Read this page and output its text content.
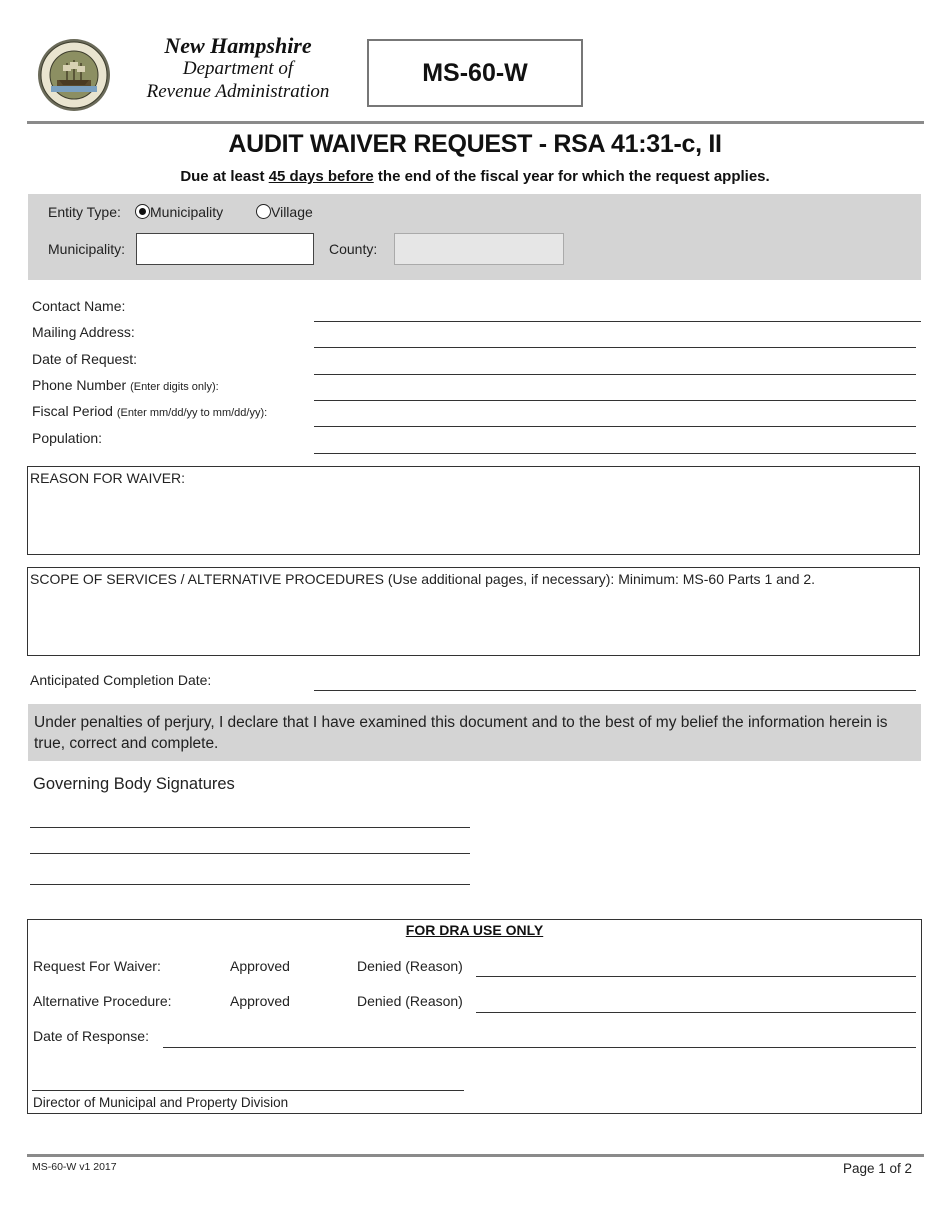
New Hampshire
Department of
Revenue Administration
MS-60-W
AUDIT WAIVER REQUEST - RSA 41:31-c, II
Due at least 45 days before the end of the fiscal year for which the request applies.
Entity Type:	Municipality	Village
Municipality:	County:
Contact Name:
Mailing Address:
Date of Request:
Phone Number (Enter digits only):
Fiscal Period (Enter mm/dd/yy to mm/dd/yy):
Population:
REASON FOR WAIVER:
SCOPE OF SERVICES / ALTERNATIVE PROCEDURES (Use additional pages, if necessary): Minimum: MS-60 Parts 1 and 2.
Anticipated Completion Date:
Under penalties of perjury, I declare that I have examined this document and to the best of my belief the information herein is true, correct and complete.
Governing Body Signatures
FOR DRA USE ONLY
Request For Waiver:	Approved	Denied (Reason)
Alternative Procedure:	Approved	Denied (Reason)
Date of Response:
Director of Municipal and Property Division
MS-60-W v1 2017	Page 1 of 2
